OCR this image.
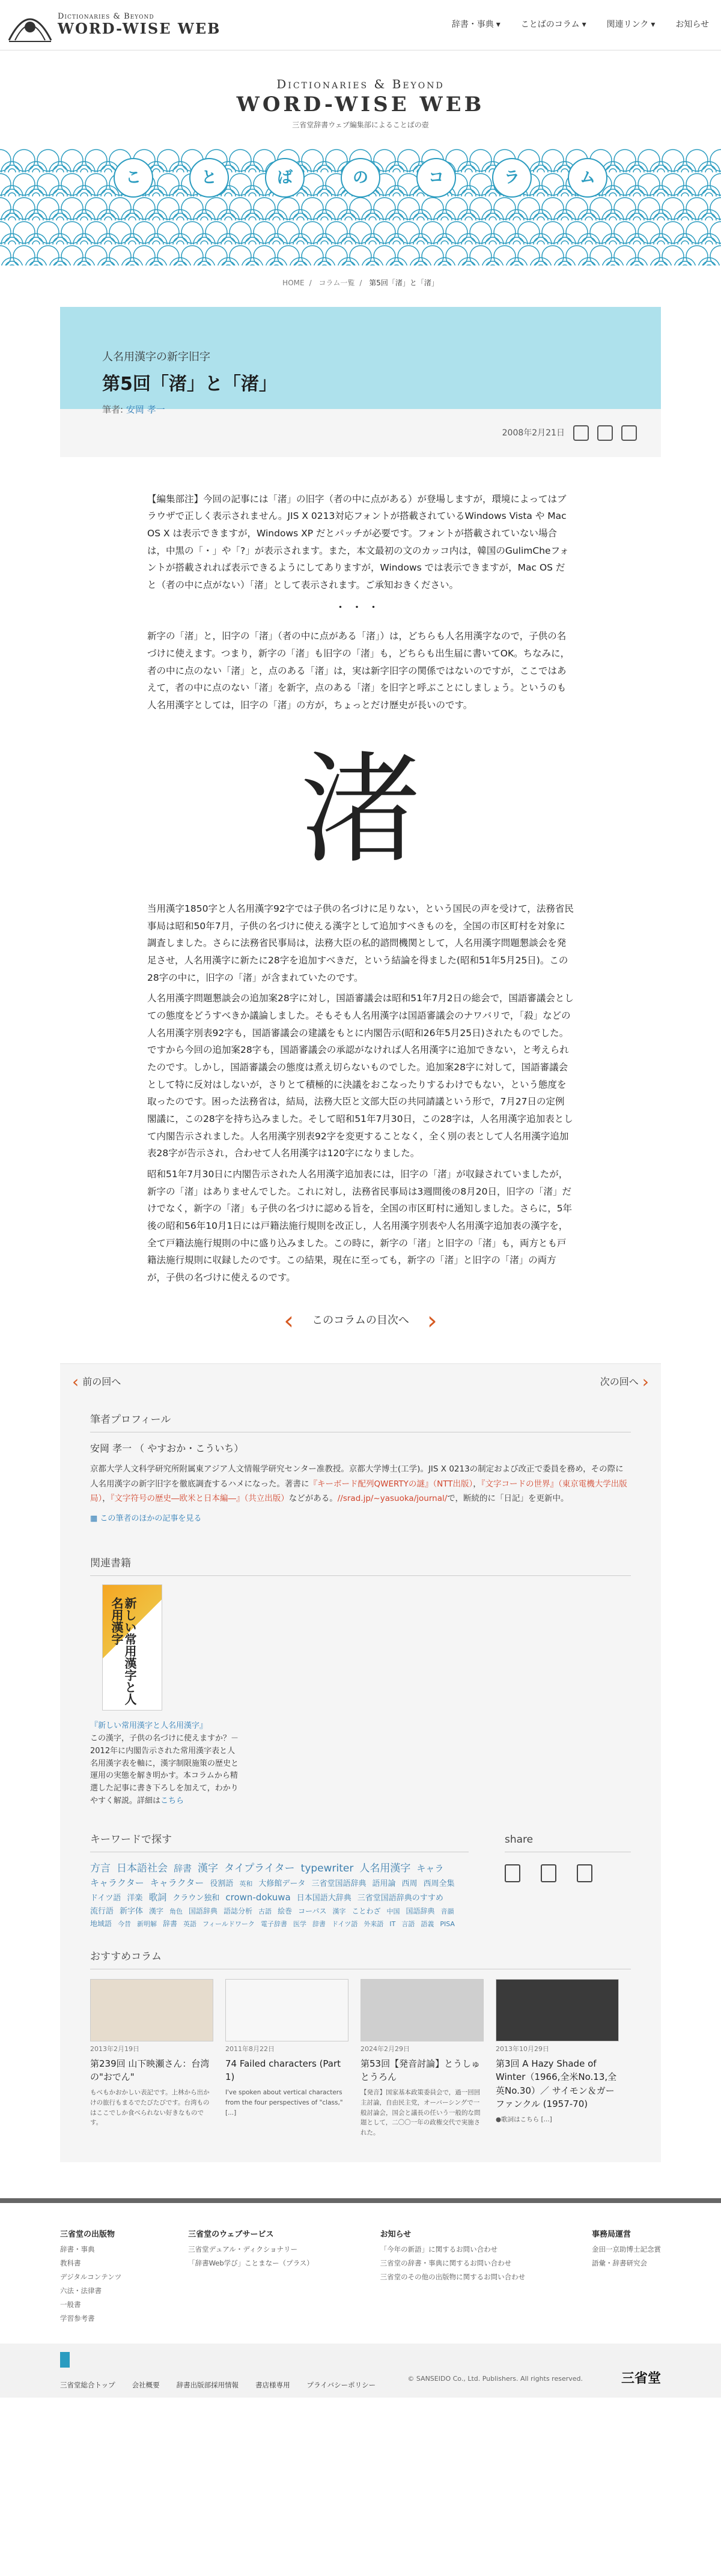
Dictionaries & Beyond
WORD-WISE WEB	辞書・事典 ▾ ことばのコラム ▾ 関連リンク ▾ お知らせ
Dictionaries & Beyond
WORD-WISE WEB
三省堂辞書ウェブ編集部によることばの壺
こ	と	ば	の	コ	ラ	ム
HOME / コラム一覧 / 第5回「渚」と「渚」
人名用漢字の新字旧字
第5回「渚」と「渚」
筆者: 安岡 孝一
2008年2月21日

【編集部注】今回の記事には「渚」の旧字（者の中に点がある）が登場しますが，環境によってはブラウザで正しく表示されません。JIS X 0213対応フォントが搭載されているWindows Vista や Mac OS X は表示できますが，Windows XP だとパッチが必要です。フォントが搭載されていない場合は，中黒の「・」や「?」が表示されます。また，本文最初の文のカッコ内は，韓国のGulimCheフォントが搭載されれば表示できるようにしてありますが，Windows では表示できますが，Mac OS だと（者の中に点がない）「渚」として表示されます。ご承知おきください。

・・・

新字の「渚」と，旧字の「渚」（者の中に点がある「渚」）は，どちらも人名用漢字なので，子供の名づけに使えます。つまり，新字の「渚」も旧字の「渚」も，どちらも出生届に書いてOK。ちなみに，者の中に点のない「渚」と，点のある「渚」は，実は新字旧字の関係ではないのですが，ここではあえて，者の中に点のない「渚」を新字，点のある「渚」を旧字と呼ぶことにしましょう。というのも人名用漢字としては，旧字の「渚」の方が，ちょっとだけ歴史が長いのです。

渚

当用漢字1850字と人名用漢字92字では子供の名づけに足りない，という国民の声を受けて，法務省民事局は昭和50年7月，子供の名づけに使える漢字として追加すべきものを，全国の市区町村を対象に調査しました。さらに法務省民事局は，法務大臣の私的諮問機関として，人名用漢字問題懇談会を発足させ，人名用漢字に新たに28字を追加すべきだ，という結論を得ました(昭和51年5月25日)。この28字の中に，旧字の「渚」が含まれていたのです。

人名用漢字問題懇談会の追加案28字に対し，国語審議会は昭和51年7月2日の総会で，国語審議会としての態度をどうすべきか議論しました。そもそも人名用漢字は国語審議会のナワバリで，「殺」などの人名用漢字別表92字も，国語審議会の建議をもとに内閣告示(昭和26年5月25日)されたものでした。ですから今回の追加案28字も，国語審議会の承認がなければ人名用漢字に追加できない，と考えられたのです。しかし，国語審議会の態度は煮え切らないものでした。追加案28字に対して，国語審議会として特に反対はしないが，さりとて積極的に決議をおこなったりするわけでもない，という態度を取ったのです。困った法務省は，結局，法務大臣と文部大臣の共同請議という形で，7月27日の定例閣議に，この28字を持ち込みました。そして昭和51年7月30日，この28字は，人名用漢字追加表として内閣告示されました。人名用漢字別表92字を変更することなく，全く別の表として人名用漢字追加表28字が告示され，合わせて人名用漢字は120字になりました。

昭和51年7月30日に内閣告示された人名用漢字追加表には，旧字の「渚」が収録されていましたが，新字の「渚」はありませんでした。これに対し，法務省民事局は3週間後の8月20日，旧字の「渚」だけでなく，新字の「渚」も子供の名づけに認める旨を，全国の市区町村に通知しました。さらに，5年後の昭和56年10月1日には戸籍法施行規則を改正し，人名用漢字別表や人名用漢字追加表の漢字を，全て戸籍法施行規則の中に盛り込みました。この時に，新字の「渚」と旧字の「渚」も，両方とも戸籍法施行規則に収録したのです。この結果，現在に至っても，新字の「渚」と旧字の「渚」の両方が，子供の名づけに使えるのです。

‹ このコラムの目次へ ›
‹ 前の回へ	次の回へ ›
筆者プロフィール
安岡 孝一 （ やすおか・こういち）
京都大学人文科学研究所附属東アジア人文情報学研究センター准教授。京都大学博士(工学)。JIS X 0213の制定および改正で委員を務め，その際に人名用漢字の新字旧字を徹底調査するハメになった。著書に『キーボード配列QWERTYの謎』（NTT出版），『文字コードの世界』（東京電機大学出版局），『文字符号の歴史―欧米と日本編―』（共立出版）などがある。//srad.jp/~yasuoka/journal/で，断続的に「日記」を更新中。
▦ この筆者のほかの記事を見る
関連書籍
新しい常用漢字と人名用漢字
『新しい常用漢字と人名用漢字』
この漢字，子供の名づけに使えますか？－2012年に内閣告示された常用漢字表と人名用漢字表を軸に，漢字制限施策の歴史と運用の実態を解き明かす。本コラムから精選した記事に書き下ろしを加えて，わかりやすく解説。詳細はこちら
キーワードで探す
方言 日本語社会 辞書 漢字 タイプライター typewriter 人名用漢字 キャラキャラクター キャラクター 役割語 英和 大修館データ 三省堂国語辞典 語用論 西周 西周全集ドイツ語 洋楽 歌詞 クラウン独和 crown-dokuwa 日本国語大辞典 三省堂国語辞典のすすめ流行語 新字体 漢字 角色 国語辞典 語誌分析 古語 絵巻 コーパス 漢字 ことわざ 中国 国語辞典 音韻地域語 今昔 新明解 辞書 英語 フィールドワーク 電子辞書 医学 辞書 ドイツ語 外来語 IT 言語 語義 PISA
share
おすすめコラム
2013年2月19日
第239回 山下映瀬さん：台湾の"おでん"
もべもかおかしい表記です。上林から出かけの旅行もまるでたびたびです。台湾ものはここでしか食べられない好きなものです。
2011年8月22日
74 Failed characters (Part 1)
I've spoken about vertical characters from the four perspectives of "class," [...]
2024年2月29日
第53回【発音討論】とうしゅとうろん
【発音】国家基本政策委員会で，過一回回主討論，自由民主党，オーバーシングで一般討論会，国会と議長の任いう一般的な問題として，二〇〇一年の政権交代で実施された。
2013年10月29日
第3回 A Hazy Shade of Winter（1966,全米No.13,全英No.30）／ サイモン＆ガーファンクル (1957-70)
●歌詞はこちら [...]
三省堂の出版物
辞書・事典
教科書
デジタルコンテンツ
六法・法律書
一般書
学習参考書
三省堂のウェブサービス
三省堂デュアル・ディクショナリー
「辞書Web学び」ことまなー（プラス）
お知らせ
「今年の新語」に関するお問い合わせ
三省堂の辞書・事典に関するお問い合わせ
三省堂のその他の出版物に関するお問い合わせ
事務局運営
金田一京助博士記念賞
語彙・辞書研究会
三省堂総合トップ 会社概要 辞書出版部採用情報 書店様専用 プライバシーポリシー
© SANSEIDO Co., Ltd. Publishers. All rights reserved.	三省堂
